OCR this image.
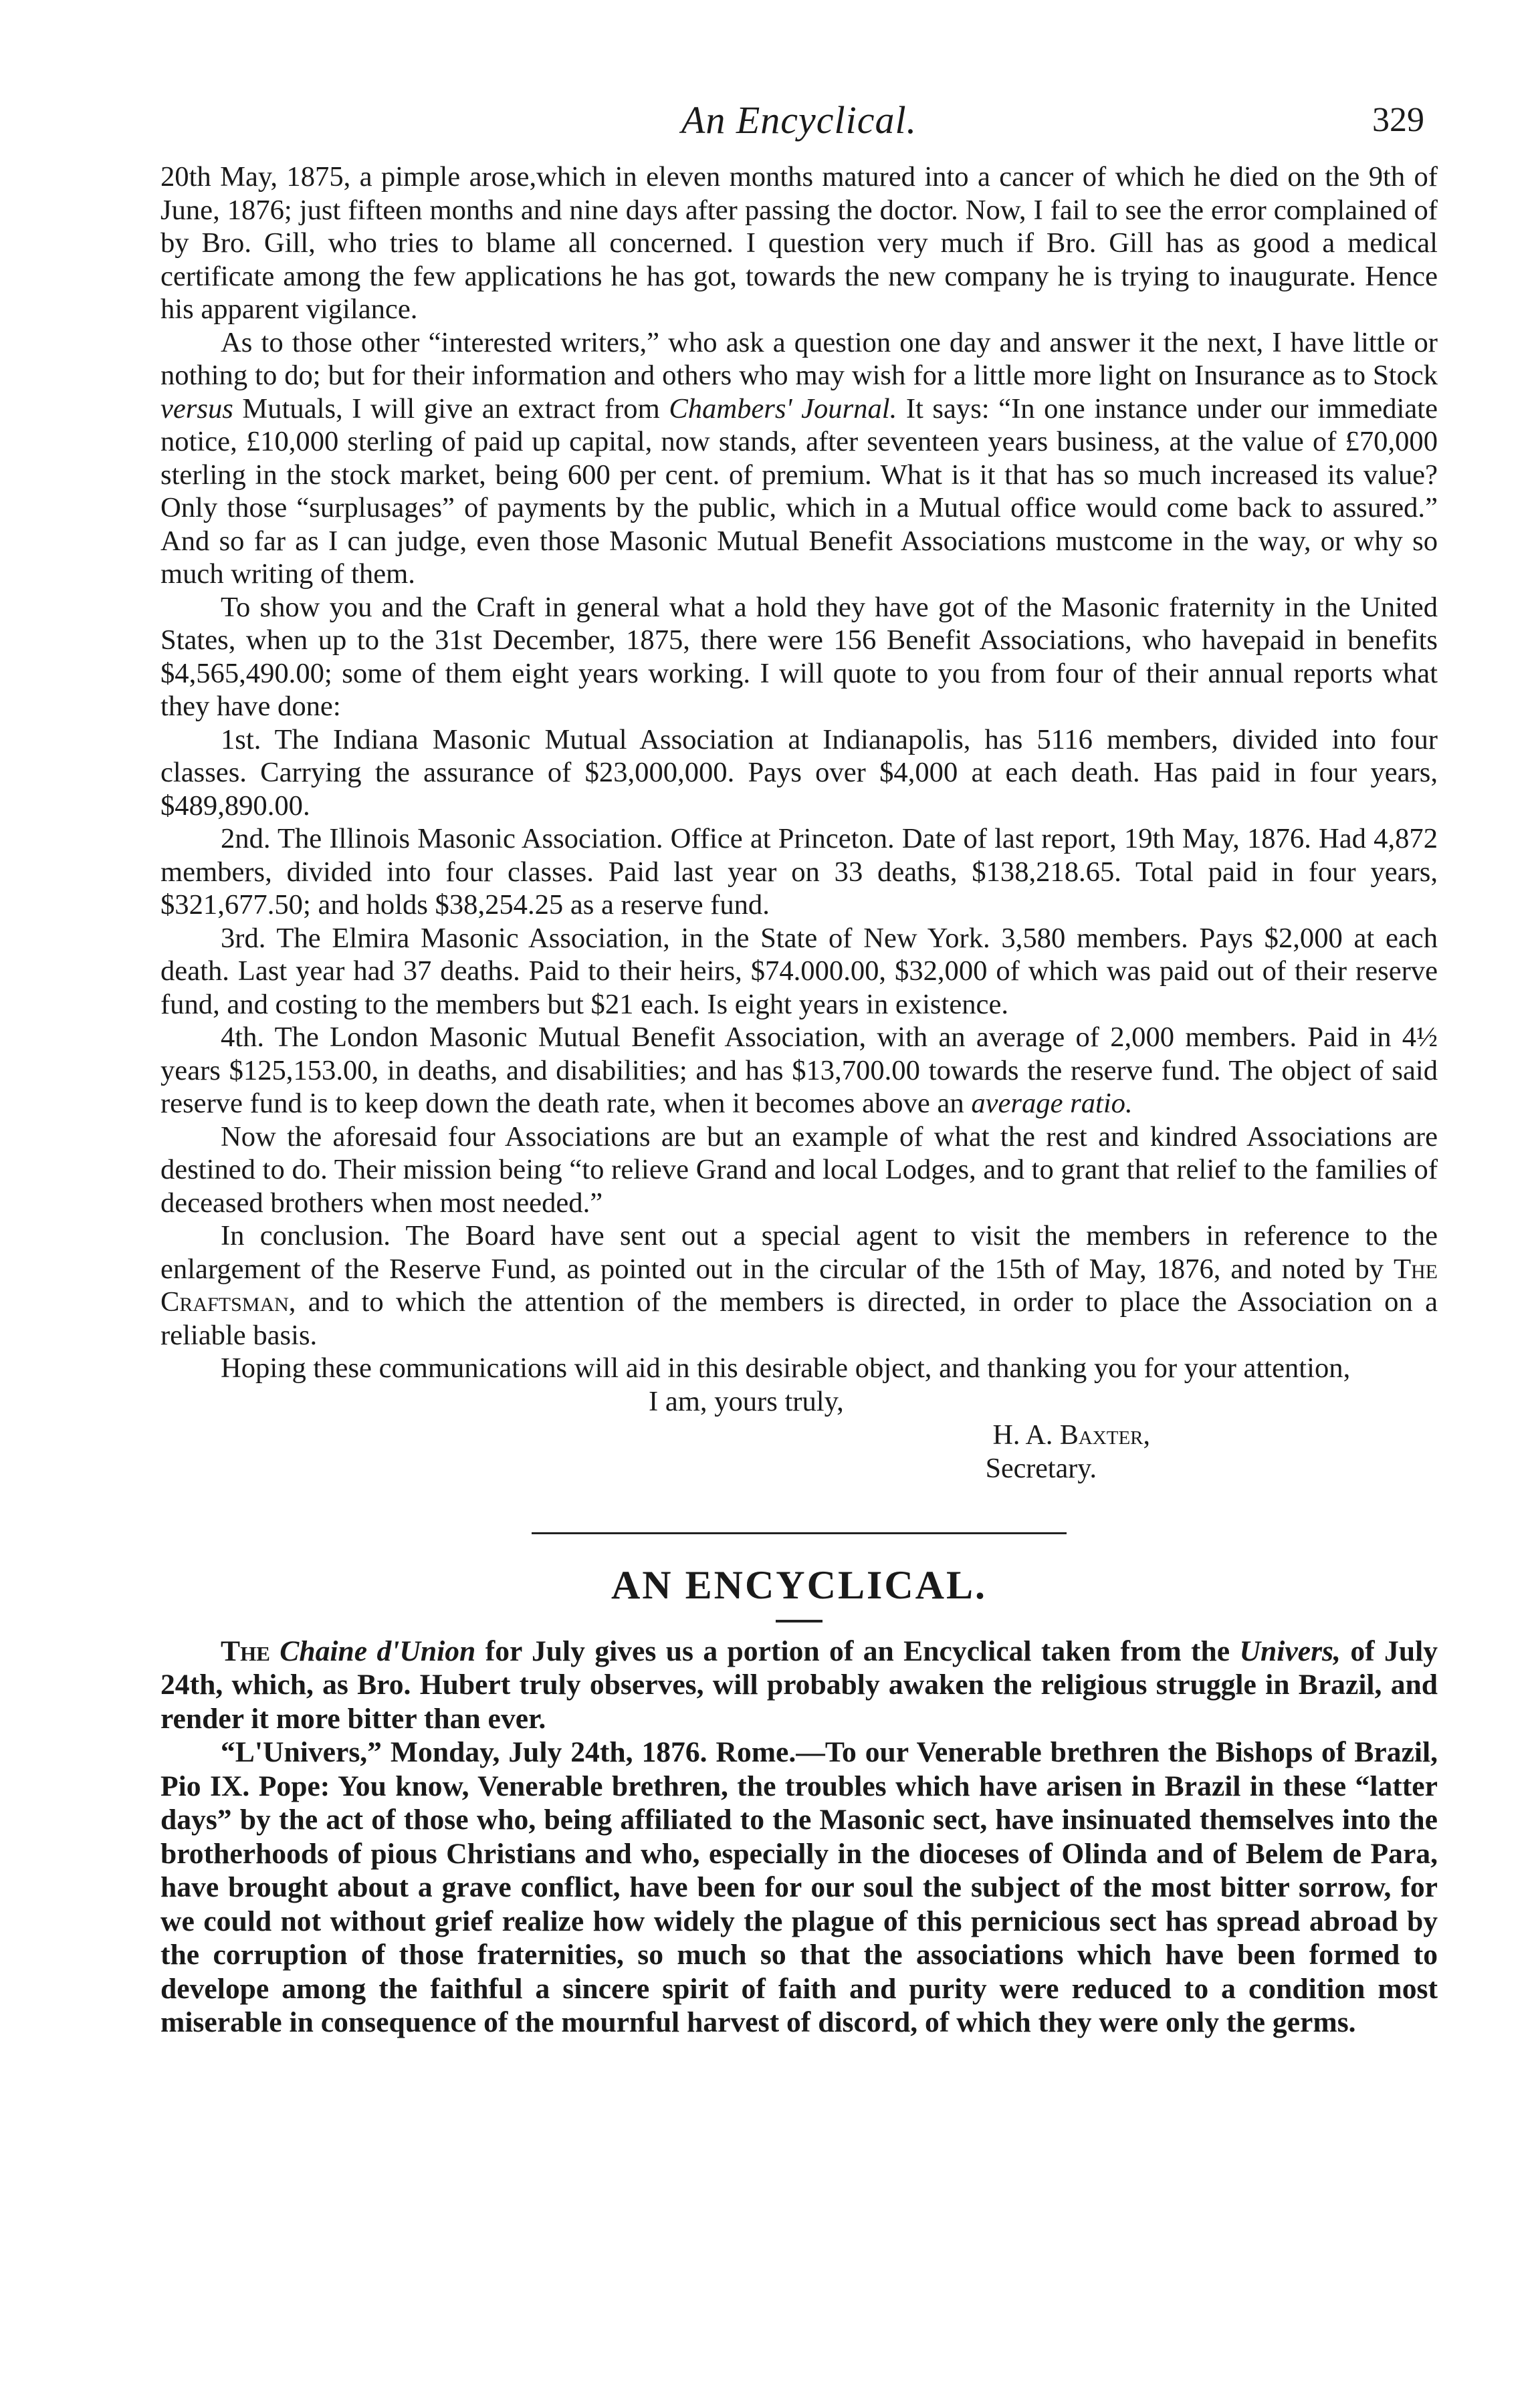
An Encyclical.	329

20th May, 1875, a pimple arose,which in eleven months matured into a cancer of which he died on the 9th of June, 1876; just fifteen months and nine days after passing the doctor. Now, I fail to see the error complained of by Bro. Gill, who tries to blame all concerned. I question very much if Bro. Gill has as good a medical certificate among the few applications he has got, towards the new company he is trying to inaugurate. Hence his apparent vigilance.

As to those other “interested writers,” who ask a question one day and answer it the next, I have little or nothing to do; but for their information and others who may wish for a little more light on Insurance as to Stock versus Mutuals, I will give an extract from Chambers' Journal. It says: “In one instance under our immediate notice, £10,000 sterling of paid up capital, now stands, after seventeen years business, at the value of £70,000 sterling in the stock market, being 600 per cent. of premium. What is it that has so much increased its value? Only those “surplusages” of payments by the public, which in a Mutual office would come back to assured.” And so far as I can judge, even those Masonic Mutual Benefit Associations mustcome in the way, or why so much writing of them.

To show you and the Craft in general what a hold they have got of the Masonic fraternity in the United States, when up to the 31st December, 1875, there were 156 Benefit Associations, who havepaid in benefits $4,565,490.00; some of them eight years working. I will quote to you from four of their annual reports what they have done:

1st. The Indiana Masonic Mutual Association at Indianapolis, has 5116 members, divided into four classes. Carrying the assurance of $23,000,000. Pays over $4,000 at each death. Has paid in four years, $489,890.00.

2nd. The Illinois Masonic Association. Office at Princeton. Date of last report, 19th May, 1876. Had 4,872 members, divided into four classes. Paid last year on 33 deaths, $138,218.65. Total paid in four years, $321,677.50; and holds $38,254.25 as a reserve fund.

3rd. The Elmira Masonic Association, in the State of New York. 3,580 members. Pays $2,000 at each death. Last year had 37 deaths. Paid to their heirs, $74.000.00, $32,000 of which was paid out of their reserve fund, and costing to the members but $21 each. Is eight years in existence.

4th. The London Masonic Mutual Benefit Association, with an average of 2,000 members. Paid in 4½ years $125,153.00, in deaths, and disabilities; and has $13,700.00 towards the reserve fund. The object of said reserve fund is to keep down the death rate, when it becomes above an average ratio.

Now the aforesaid four Associations are but an example of what the rest and kindred Associations are destined to do. Their mission being “to relieve Grand and local Lodges, and to grant that relief to the families of deceased brothers when most needed.”

In conclusion. The Board have sent out a special agent to visit the members in reference to the enlargement of the Reserve Fund, as pointed out in the circular of the 15th of May, 1876, and noted by The Craftsman, and to which the attention of the members is directed, in order to place the Association on a reliable basis.

Hoping these communications will aid in this desirable object, and thanking you for your attention,

I am, yours truly,

H. A. Baxter,
Secretary.
AN ENCYCLICAL.

The Chaine d'Union for July gives us a portion of an Encyclical taken from the Univers, of July 24th, which, as Bro. Hubert truly observes, will probably awaken the religious struggle in Brazil, and render it more bitter than ever.

“L'Univers,” Monday, July 24th, 1876. Rome.—To our Venerable brethren the Bishops of Brazil, Pio IX. Pope: You know, Venerable brethren, the troubles which have arisen in Brazil in these “latter days” by the act of those who, being affiliated to the Masonic sect, have insinuated themselves into the brotherhoods of pious Christians and who, especially in the dioceses of Olinda and of Belem de Para, have brought about a grave conflict, have been for our soul the subject of the most bitter sorrow, for we could not without grief realize how widely the plague of this pernicious sect has spread abroad by the corruption of those fraternities, so much so that the associations which have been formed to develope among the faithful a sincere spirit of faith and purity were reduced to a condition most miserable in consequence of the mournful harvest of discord, of which they were only the germs.
